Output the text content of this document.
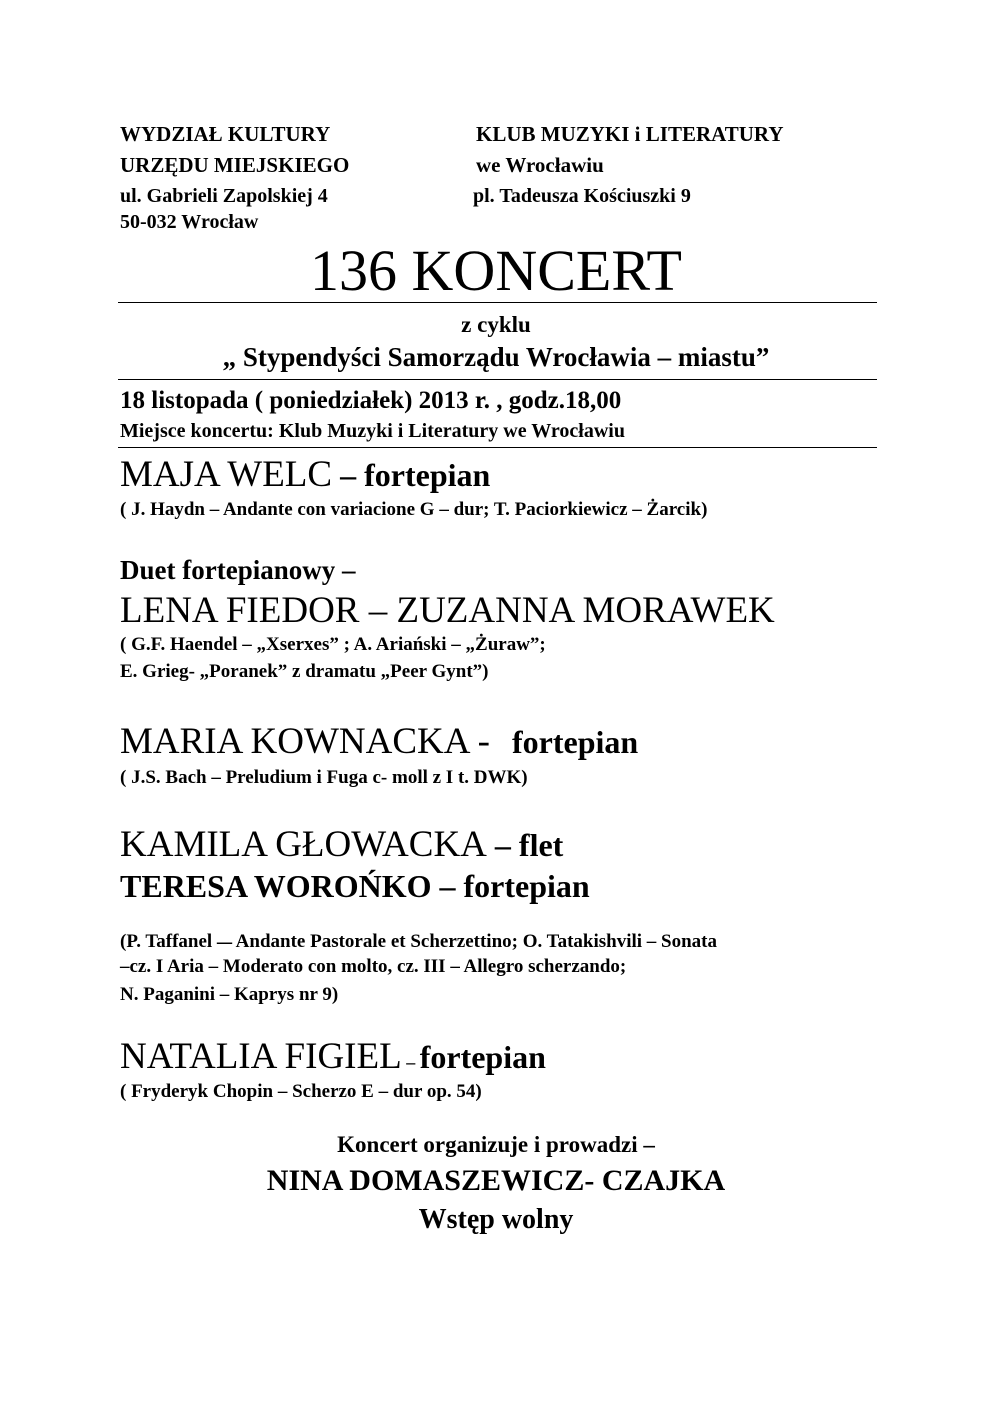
WYDZIAŁ KULTURY
URZĘDU MIEJSKIEGO
ul. Gabrieli Zapolskiej 4
50-032 Wrocław
KLUB MUZYKI i LITERATURY
we Wrocławiu
pl. Tadeusza Kościuszki 9
136 KONCERT
z cyklu
„ Stypendyści Samorządu Wrocławia – miastu”
18 listopada ( poniedziałek) 2013 r. , godz.18,00
Miejsce koncertu: Klub Muzyki i Literatury we Wrocławiu
MAJA WELC – fortepian
( J. Haydn – Andante con variacione G – dur; T. Paciorkiewicz – Żarcik)
Duet fortepianowy –
LENA FIEDOR – ZUZANNA MORAWEK
( G.F. Haendel – „Xserxes” ; A. Ariański – „Żuraw”;
E. Grieg- „Poranek” z dramatu „Peer Gynt”)
MARIA KOWNACKA - fortepian
( J.S. Bach – Preludium i Fuga c- moll z I t. DWK)
KAMILA GŁOWACKA – flet
TERESA WOROŃKO – fortepian
(P. Taffanel – Andante Pastorale et Scherzettino; O. Tatakishvili – Sonata
–cz. I Aria – Moderato con molto, cz. III – Allegro scherzando;
N. Paganini – Kaprys nr 9)
NATALIA FIGIEL – fortepian
( Fryderyk Chopin – Scherzo E – dur op. 54)
Koncert organizuje i prowadzi –
NINA DOMASZEWICZ- CZAJKA
Wstęp wolny
